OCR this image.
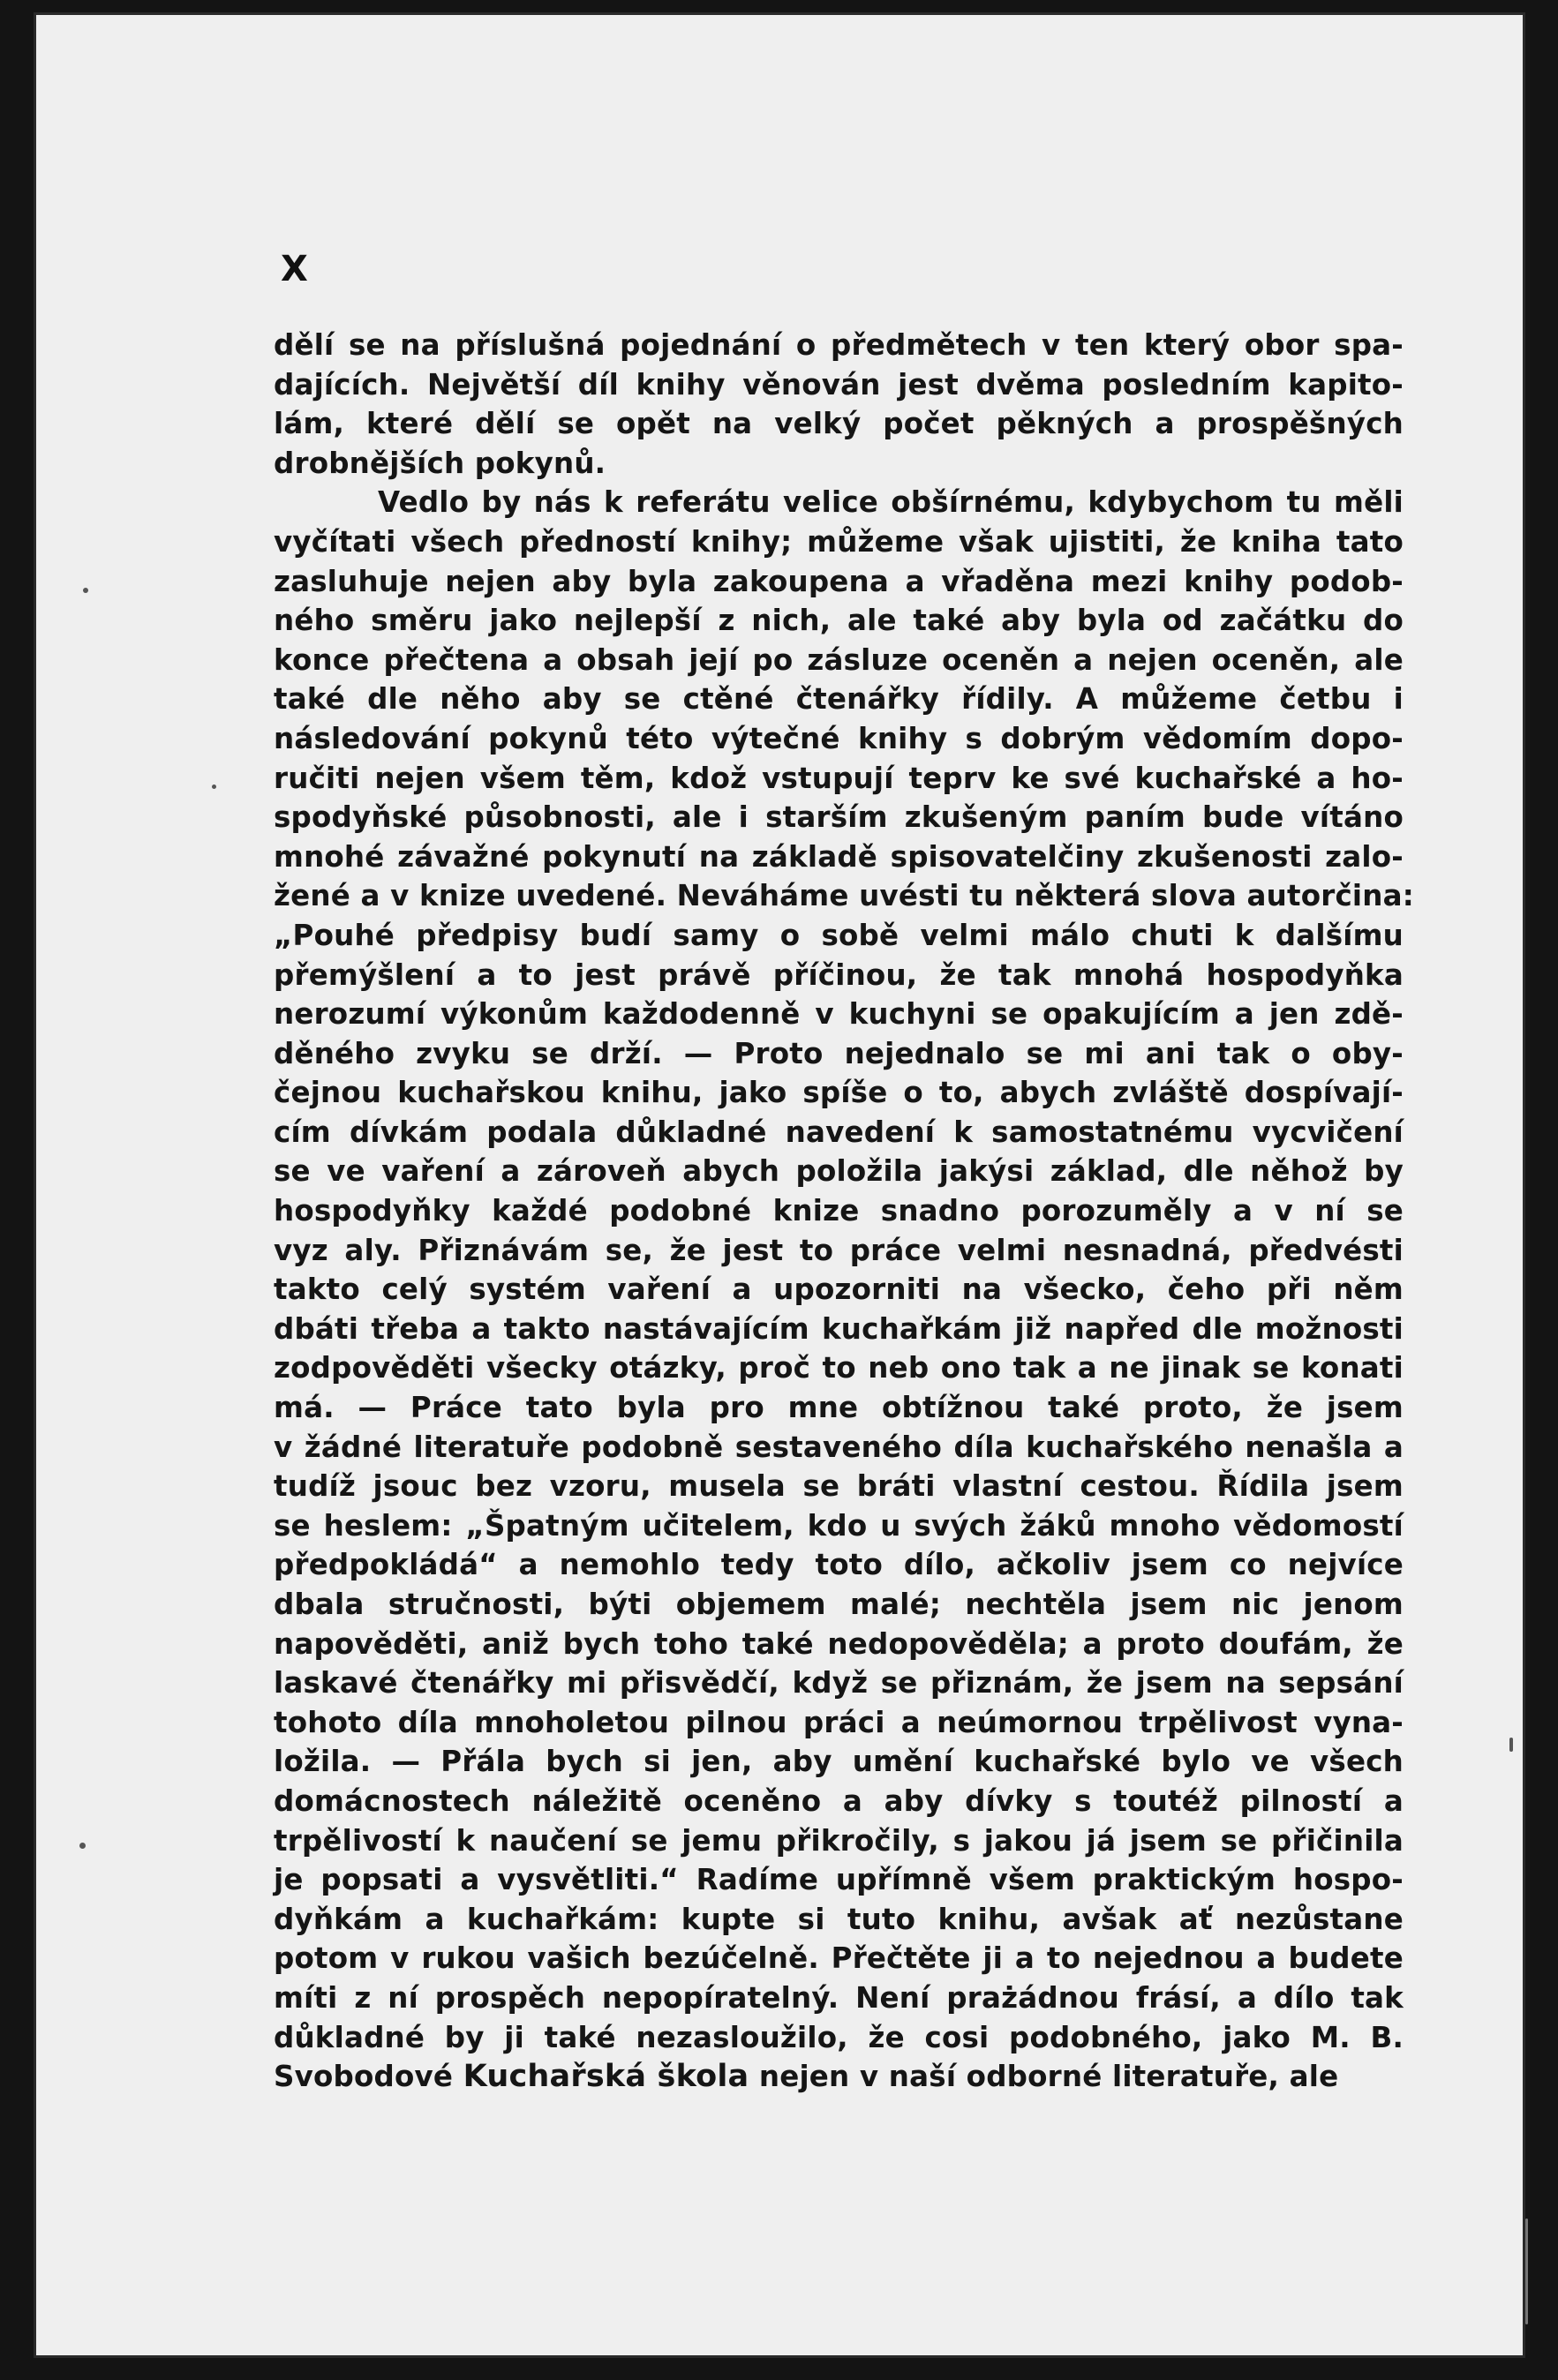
X
dělí se na příslušná pojednání o předmětech v ten který obor spa-
dajících. Největší díl knihy věnován jest dvěma posledním kapito-
lám, které dělí se opět na velký počet pěkných a prospěšných
drobnějších pokynů.
Vedlo by nás k referátu velice obšírnému, kdybychom tu měli
vyčítati všech předností knihy; můžeme však ujistiti, že kniha tato
zasluhuje nejen aby byla zakoupena a vřaděna mezi knihy podob-
ného směru jako nejlepší z nich, ale také aby byla od začátku do
konce přečtena a obsah její po zásluze oceněn a nejen oceněn, ale
také dle něho aby se ctěné čtenářky řídily. A můžeme četbu i
následování pokynů této výtečné knihy s dobrým vědomím dopo-
ručiti nejen všem těm, kdož vstupují teprv ke své kuchařské a ho-
spodyňské působnosti, ale i starším zkušeným paním bude vítáno
mnohé závažné pokynutí na základě spisovatelčiny zkušenosti zalo-
žené a v knize uvedené. Neváháme uvésti tu některá slova autorčina:
„Pouhé předpisy budí samy o sobě velmi málo chuti k dalšímu
přemýšlení a to jest právě příčinou, že tak mnohá hospodyňka
nerozumí výkonům každodenně v kuchyni se opakujícím a jen zdě-
děného zvyku se drží. — Proto nejednalo se mi ani tak o oby-
čejnou kuchařskou knihu, jako spíše o to, abych zvláště dospívají-
cím dívkám podala důkladné navedení k samostatnému vycvičení
se ve vaření a zároveň abych položila jakýsi základ, dle něhož by
hospodyňky každé podobné knize snadno porozuměly a v ní se
vyz aly. Přiznávám se, že jest to práce velmi nesnadná, předvésti
takto celý systém vaření a upozorniti na všecko, čeho při něm
dbáti třeba a takto nastávajícím kuchařkám již napřed dle možnosti
zodpověděti všecky otázky, proč to neb ono tak a ne jinak se konati
má. — Práce tato byla pro mne obtížnou také proto, že jsem
v žádné literatuře podobně sestaveného díla kuchařského nenašla a
tudíž jsouc bez vzoru, musela se bráti vlastní cestou. Řídila jsem
se heslem: „Špatným učitelem, kdo u svých žáků mnoho vědomostí
předpokládá“ a nemohlo tedy toto dílo, ačkoliv jsem co nejvíce
dbala stručnosti, býti objemem malé; nechtěla jsem nic jenom
napověděti, aniž bych toho také nedopověděla; a proto doufám, že
laskavé čtenářky mi přisvědčí, když se přiznám, že jsem na sepsání
tohoto díla mnoholetou pilnou práci a neúmornou trpělivost vyna-
ložila. — Přála bych si jen, aby umění kuchařské bylo ve všech
domácnostech náležitě oceněno a aby dívky s toutéž pilností a
trpělivostí k naučení se jemu přikročily, s jakou já jsem se přičinila
je popsati a vysvětliti.“ Radíme upřímně všem praktickým hospo-
dyňkám a kuchařkám: kupte si tuto knihu, avšak ať nezůstane
potom v rukou vašich bezúčelně. Přečtěte ji a to nejednou a budete
míti z ní prospěch nepopíratelný. Není prażádnou frásí, a dílo tak
důkladné by ji také nezasloužilo, že cosi podobného, jako M. B.
Svobodové Kuchařská škola nejen v naší odborné literatuře, ale
